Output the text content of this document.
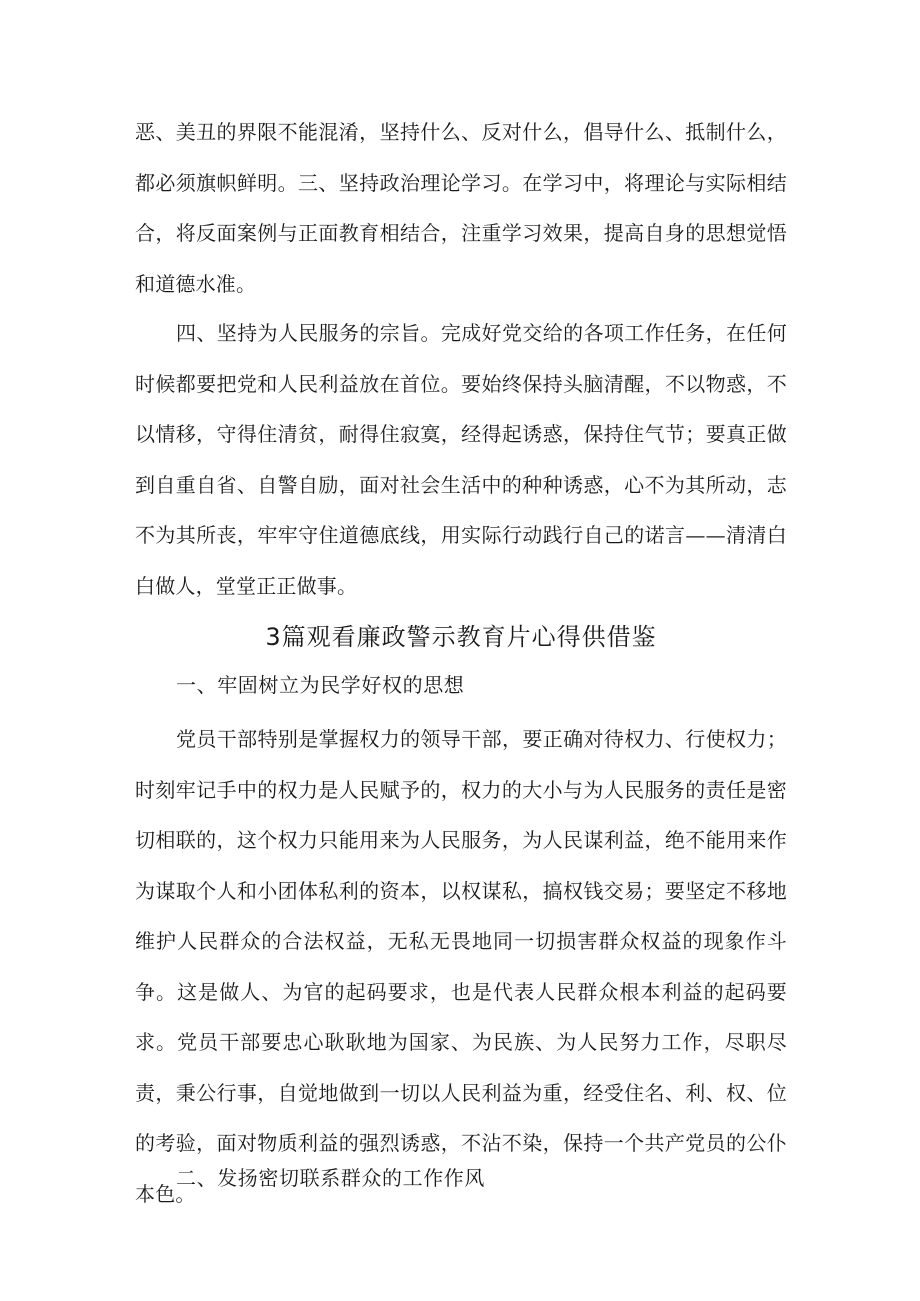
恶、美丑的界限不能混淆，坚持什么、反对什么，倡导什么、抵制什么，都必须旗帜鲜明。三、坚持政治理论学习。在学习中，将理论与实际相结合，将反面案例与正面教育相结合，注重学习效果，提高自身的思想觉悟和道德水准。

四、坚持为人民服务的宗旨。完成好党交给的各项工作任务，在任何时候都要把党和人民利益放在首位。要始终保持头脑清醒，不以物惑，不以情移，守得住清贫，耐得住寂寞，经得起诱惑，保持住气节；要真正做到自重自省、自警自励，面对社会生活中的种种诱惑，心不为其所动，志不为其所丧，牢牢守住道德底线，用实际行动践行自己的诺言——清清白白做人，堂堂正正做事。

3篇观看廉政警示教育片心得供借鉴
一、牢固树立为民学好权的思想

党员干部特别是掌握权力的领导干部，要正确对待权力、行使权力；时刻牢记手中的权力是人民赋予的，权力的大小与为人民服务的责任是密切相联的，这个权力只能用来为人民服务，为人民谋利益，绝不能用来作为谋取个人和小团体私利的资本，以权谋私，搞权钱交易；要坚定不移地维护人民群众的合法权益，无私无畏地同一切损害群众权益的现象作斗争。这是做人、为官的起码要求，也是代表人民群众根本利益的起码要求。党员干部要忠心耿耿地为国家、为民族、为人民努力工作，尽职尽责，秉公行事，自觉地做到一切以人民利益为重，经受住名、利、权、位的考验，面对物质利益的强烈诱惑，不沾不染，保持一个共产党员的公仆本色。

二、发扬密切联系群众的工作作风
